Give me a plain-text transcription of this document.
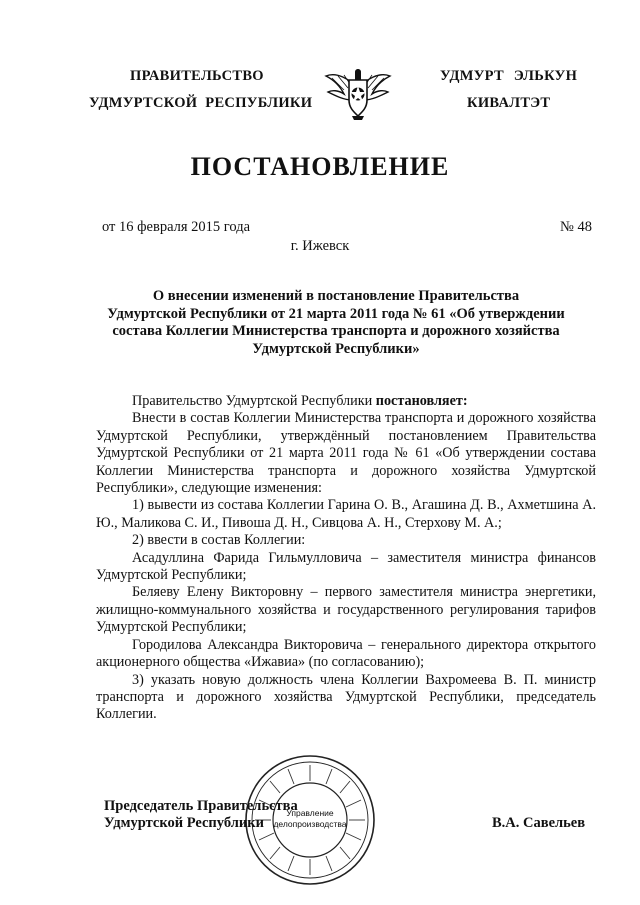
ПРАВИТЕЛЬСТВО
УДМУРТСКОЙ РЕСПУБЛИКИ
УДМУРТ ЭЛЬКУН
КИВАЛТЭТ
ПОСТАНОВЛЕНИЕ
от 16 февраля 2015 года	№ 48
г. Ижевск
О внесении изменений в постановление Правительства
Удмуртской Республики от 21 марта 2011 года № 61 «Об утверждении
состава Коллегии Министерства транспорта и дорожного хозяйства
Удмуртской Республики»

Правительство Удмуртской Республики постановляет:

Внести в состав Коллегии Министерства транспорта и дорожного хозяйства Удмуртской Республики, утверждённый постановлением Правительства Удмуртской Республики от 21 марта 2011 года № 61 «Об утверждении состава Коллегии Министерства транспорта и дорожного хозяйства Удмуртской Республики», следующие изменения:

1) вывести из состава Коллегии Гарина О. В., Агашина Д. В., Ахметшина А. Ю., Маликова С. И., Пивоша Д. Н., Сивцова А. Н., Стерхову М. А.;

2) ввести в состав Коллегии:

Асадуллина Фарида Гильмулловича – заместителя министра финансов Удмуртской Республики;

Беляеву Елену Викторовну – первого заместителя министра энергетики, жилищно-коммунального хозяйства и государственного регулирования тарифов Удмуртской Республики;

Городилова Александра Викторовича – генерального директора открытого акционерного общества «Ижавиа» (по согласованию);

3) указать новую должность члена Коллегии Вахромеева В. П. министр транспорта и дорожного хозяйства Удмуртской Республики, председатель Коллегии.

Управление
делопроизводства
Председатель Правительства
Удмуртской Республики	В.А. Савельев
